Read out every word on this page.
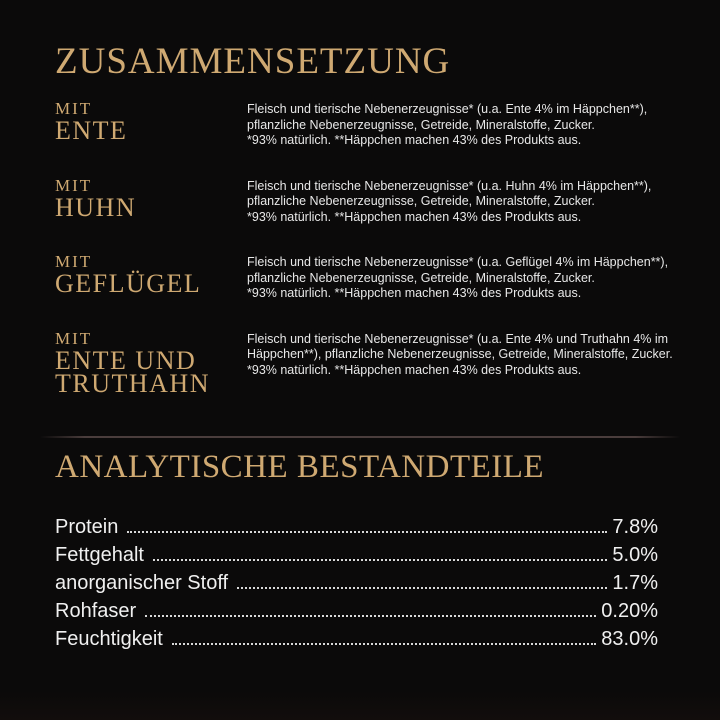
ZUSAMMENSETZUNG
MIT
ENTE
Fleisch und tierische Nebenerzeugnisse* (u.a. Ente 4% im Häppchen**),
pflanzliche Nebenerzeugnisse, Getreide, Mineralstoffe, Zucker.
*93% natürlich. **Häppchen machen 43% des Produkts aus.
MIT
HUHN
Fleisch und tierische Nebenerzeugnisse* (u.a. Huhn 4% im Häppchen**),
pflanzliche Nebenerzeugnisse, Getreide, Mineralstoffe, Zucker.
*93% natürlich. **Häppchen machen 43% des Produkts aus.
MIT
GEFLÜGEL
Fleisch und tierische Nebenerzeugnisse* (u.a. Geflügel 4% im Häppchen**),
pflanzliche Nebenerzeugnisse, Getreide, Mineralstoffe, Zucker.
*93% natürlich. **Häppchen machen 43% des Produkts aus.
MIT
ENTE UND TRUTHAHN
Fleisch und tierische Nebenerzeugnisse* (u.a. Ente 4% und Truthahn 4% im
Häppchen**), pflanzliche Nebenerzeugnisse, Getreide, Mineralstoffe, Zucker.
*93% natürlich. **Häppchen machen 43% des Produkts aus.
ANALYTISCHE BESTANDTEILE
Protein	7.8%
Fettgehalt	5.0%
anorganischer Stoff	1.7%
Rohfaser	0.20%
Feuchtigkeit	83.0%
